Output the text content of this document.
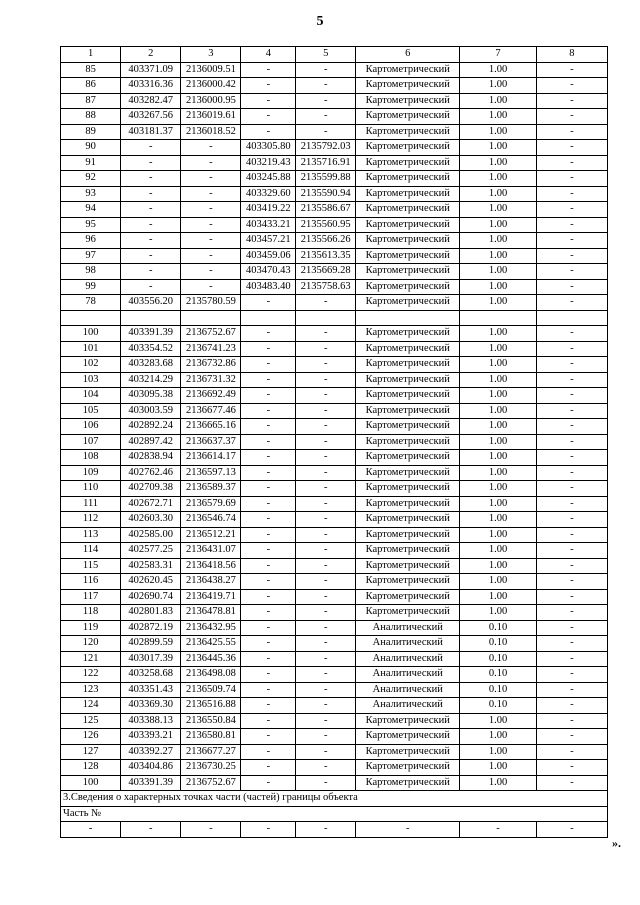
5
1	2	3	4	5	6	7	8
85	403371.09	2136009.51	-	-	Картометрический	1.00	-
86	403316.36	2136000.42	-	-	Картометрический	1.00	-
87	403282.47	2136000.95	-	-	Картометрический	1.00	-
88	403267.56	2136019.61	-	-	Картометрический	1.00	-
89	403181.37	2136018.52	-	-	Картометрический	1.00	-
90	-	-	403305.80	2135792.03	Картометрический	1.00	-
91	-	-	403219.43	2135716.91	Картометрический	1.00	-
92	-	-	403245.88	2135599.88	Картометрический	1.00	-
93	-	-	403329.60	2135590.94	Картометрический	1.00	-
94	-	-	403419.22	2135586.67	Картометрический	1.00	-
95	-	-	403433.21	2135560.95	Картометрический	1.00	-
96	-	-	403457.21	2135566.26	Картометрический	1.00	-
97	-	-	403459.06	2135613.35	Картометрический	1.00	-
98	-	-	403470.43	2135669.28	Картометрический	1.00	-
99	-	-	403483.40	2135758.63	Картометрический	1.00	-
78	403556.20	2135780.59	-	-	Картометрический	1.00	-

100	403391.39	2136752.67	-	-	Картометрический	1.00	-
101	403354.52	2136741.23	-	-	Картометрический	1.00	-
102	403283.68	2136732.86	-	-	Картометрический	1.00	-
103	403214.29	2136731.32	-	-	Картометрический	1.00	-
104	403095.38	2136692.49	-	-	Картометрический	1.00	-
105	403003.59	2136677.46	-	-	Картометрический	1.00	-
106	402892.24	2136665.16	-	-	Картометрический	1.00	-
107	402897.42	2136637.37	-	-	Картометрический	1.00	-
108	402838.94	2136614.17	-	-	Картометрический	1.00	-
109	402762.46	2136597.13	-	-	Картометрический	1.00	-
110	402709.38	2136589.37	-	-	Картометрический	1.00	-
111	402672.71	2136579.69	-	-	Картометрический	1.00	-
112	402603.30	2136546.74	-	-	Картометрический	1.00	-
113	402585.00	2136512.21	-	-	Картометрический	1.00	-
114	402577.25	2136431.07	-	-	Картометрический	1.00	-
115	402583.31	2136418.56	-	-	Картометрический	1.00	-
116	402620.45	2136438.27	-	-	Картометрический	1.00	-
117	402690.74	2136419.71	-	-	Картометрический	1.00	-
118	402801.83	2136478.81	-	-	Картометрический	1.00	-
119	402872.19	2136432.95	-	-	Аналитический	0.10	-
120	402899.59	2136425.55	-	-	Аналитический	0.10	-
121	403017.39	2136445.36	-	-	Аналитический	0.10	-
122	403258.68	2136498.08	-	-	Аналитический	0.10	-
123	403351.43	2136509.74	-	-	Аналитический	0.10	-
124	403369.30	2136516.88	-	-	Аналитический	0.10	-
125	403388.13	2136550.84	-	-	Картометрический	1.00	-
126	403393.21	2136580.81	-	-	Картометрический	1.00	-
127	403392.27	2136677.27	-	-	Картометрический	1.00	-
128	403404.86	2136730.25	-	-	Картометрический	1.00	-
100	403391.39	2136752.67	-	-	Картометрический	1.00	-
3.Сведения о характерных точках части (частей) границы объекта							
Часть №							
-	-	-	-	-	-	-	-
».
